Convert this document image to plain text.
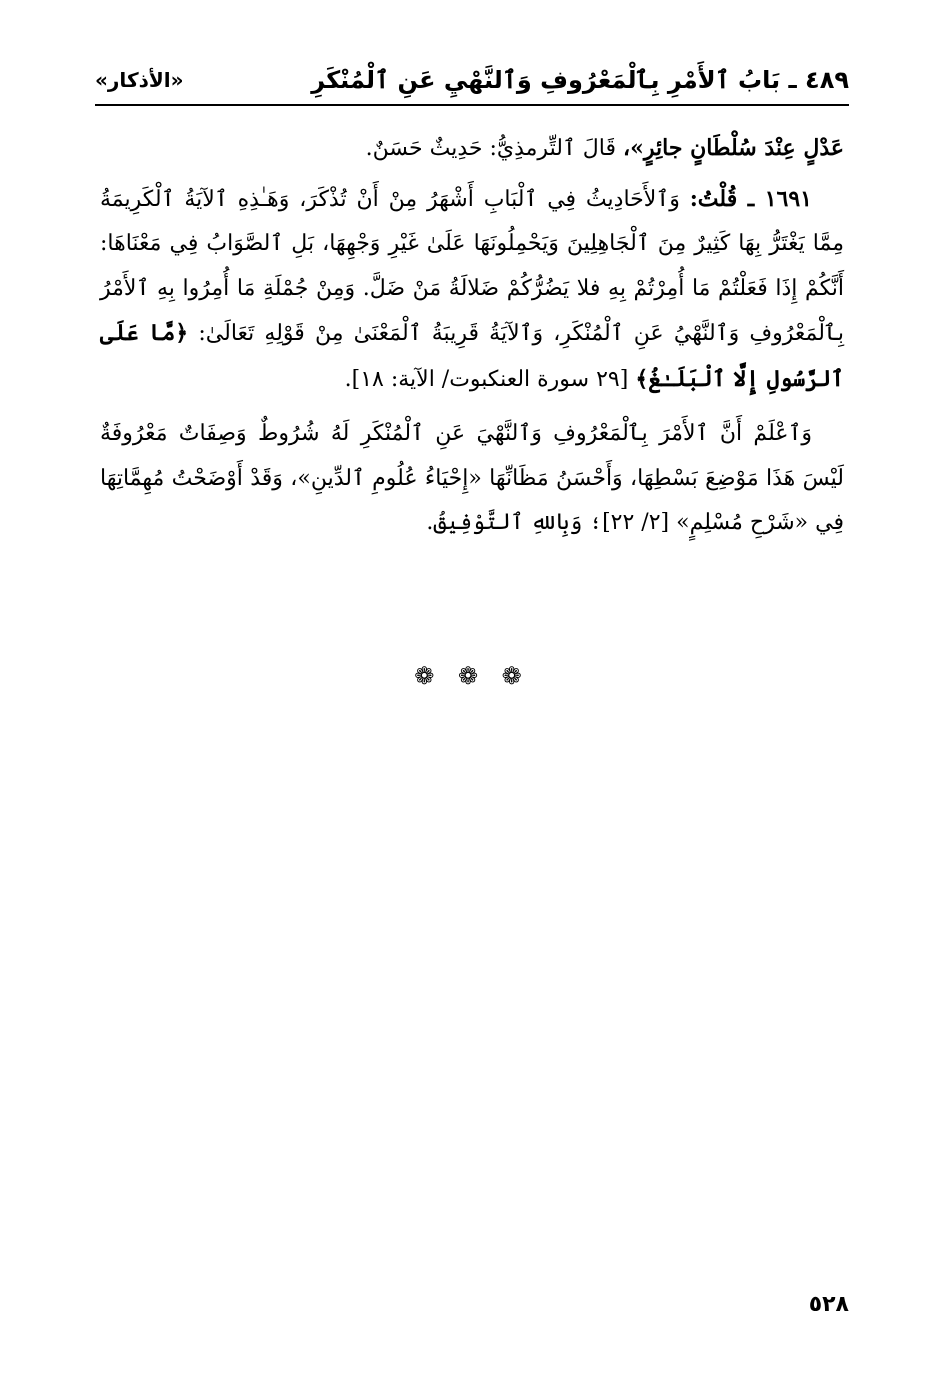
٤٨٩ ـ بَابُ ٱلأَمْرِ بِٱلْمَعْرُوفِ وَٱلنَّهْيِ عَنِ ٱلْمُنْكَرِ
«الأذكار»

عَدْلٍ عِنْدَ سُلْطَانٍ جائِرٍ»، قَالَ ٱلتِّرمذِيُّ: حَدِيثٌ حَسَنٌ.

١٦٩١ ـ قُلْتُ: وَٱلأَحَادِيثُ فِي ٱلْبَابِ أَشْهَرُ مِنْ أَنْ تُذْكَرَ، وَهَـٰذِهِ ٱلآيَةُ ٱلْكَرِيمَةُ مِمَّا يَغْتَرُّ بِهَا كَثِيرٌ مِنَ ٱلْجَاهِلِينَ وَيَحْمِلُونَهَا عَلَىٰ غَيْرِ وَجْهِهَا، بَلِ ٱلصَّوَابُ فِي مَعْنَاهَا: أَنَّكُمْ إِذَا فَعَلْتُمْ مَا أُمِرْتُمْ بِهِ فلا يَضُرُّكُمْ ضَلالَةُ مَنْ ضَلَّ. وَمِنْ جُمْلَةِ مَا أُمِرُوا بِهِ ٱلأَمْرُ بِٱلْمَعْرُوفِ وَٱلنَّهْيُ عَنِ ٱلْمُنْكَرِ، وَٱلآيَةُ قَرِيبَةُ ٱلْمَعْنَىٰ مِنْ قَوْلِهِ تَعَالَىٰ: ﴿مَّا عَلَى ٱلرَّسُولِ إِلَّا ٱلْبَلَـٰغُ﴾ [٢٩ سورة العنكبوت/ الآية: ١٨].

وَٱعْلَمْ أَنَّ ٱلأَمْرَ بِٱلْمَعْرُوفِ وَٱلنَّهْيَ عَنِ ٱلْمُنْكَرِ لَهُ شُرُوطٌ وَصِفَاتٌ مَعْرُوفَةٌ لَيْسَ هَذَا مَوْضِعَ بَسْطِهَا، وَأَحْسَنُ مَظَانِّهَا «إِحْيَاءُ عُلُومِ ٱلدِّينِ»، وَقَدْ أَوْضَحْتُ مُهِمَّاتِهَا فِي «شَرْحِ مُسْلِمٍ» [٢/ ٢٢]؛ وَبِاللهِ ٱلتَّوْفِيقُ.

❁ ❁ ❁
٥٢٨
